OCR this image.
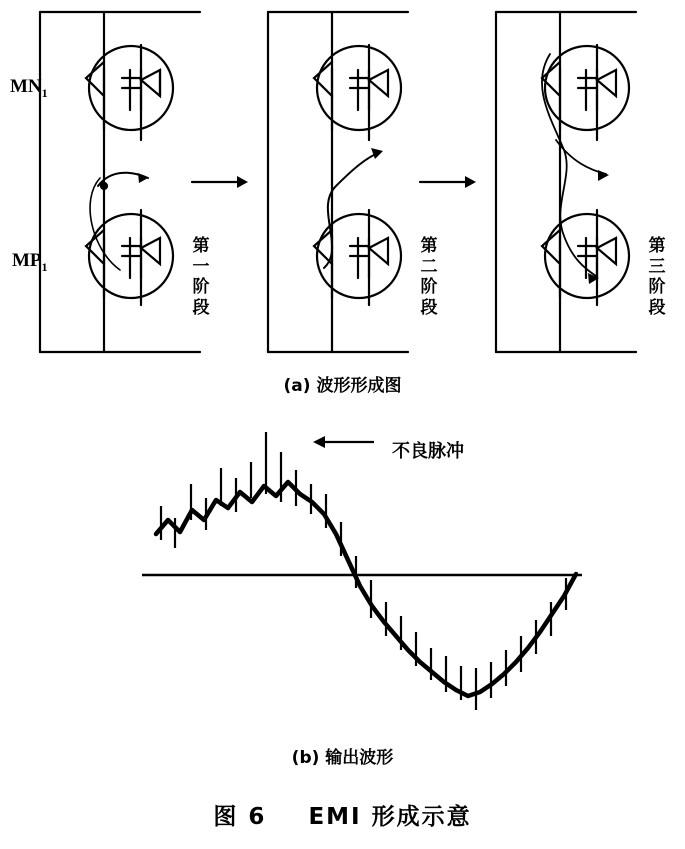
$MN_1$
$MP_1$
第
一
阶
段
第
二
阶
段
第
三
阶
段
(a) 波形形成图
不良脉冲
(b) 输出波形
图 6 EMI 形成示意
